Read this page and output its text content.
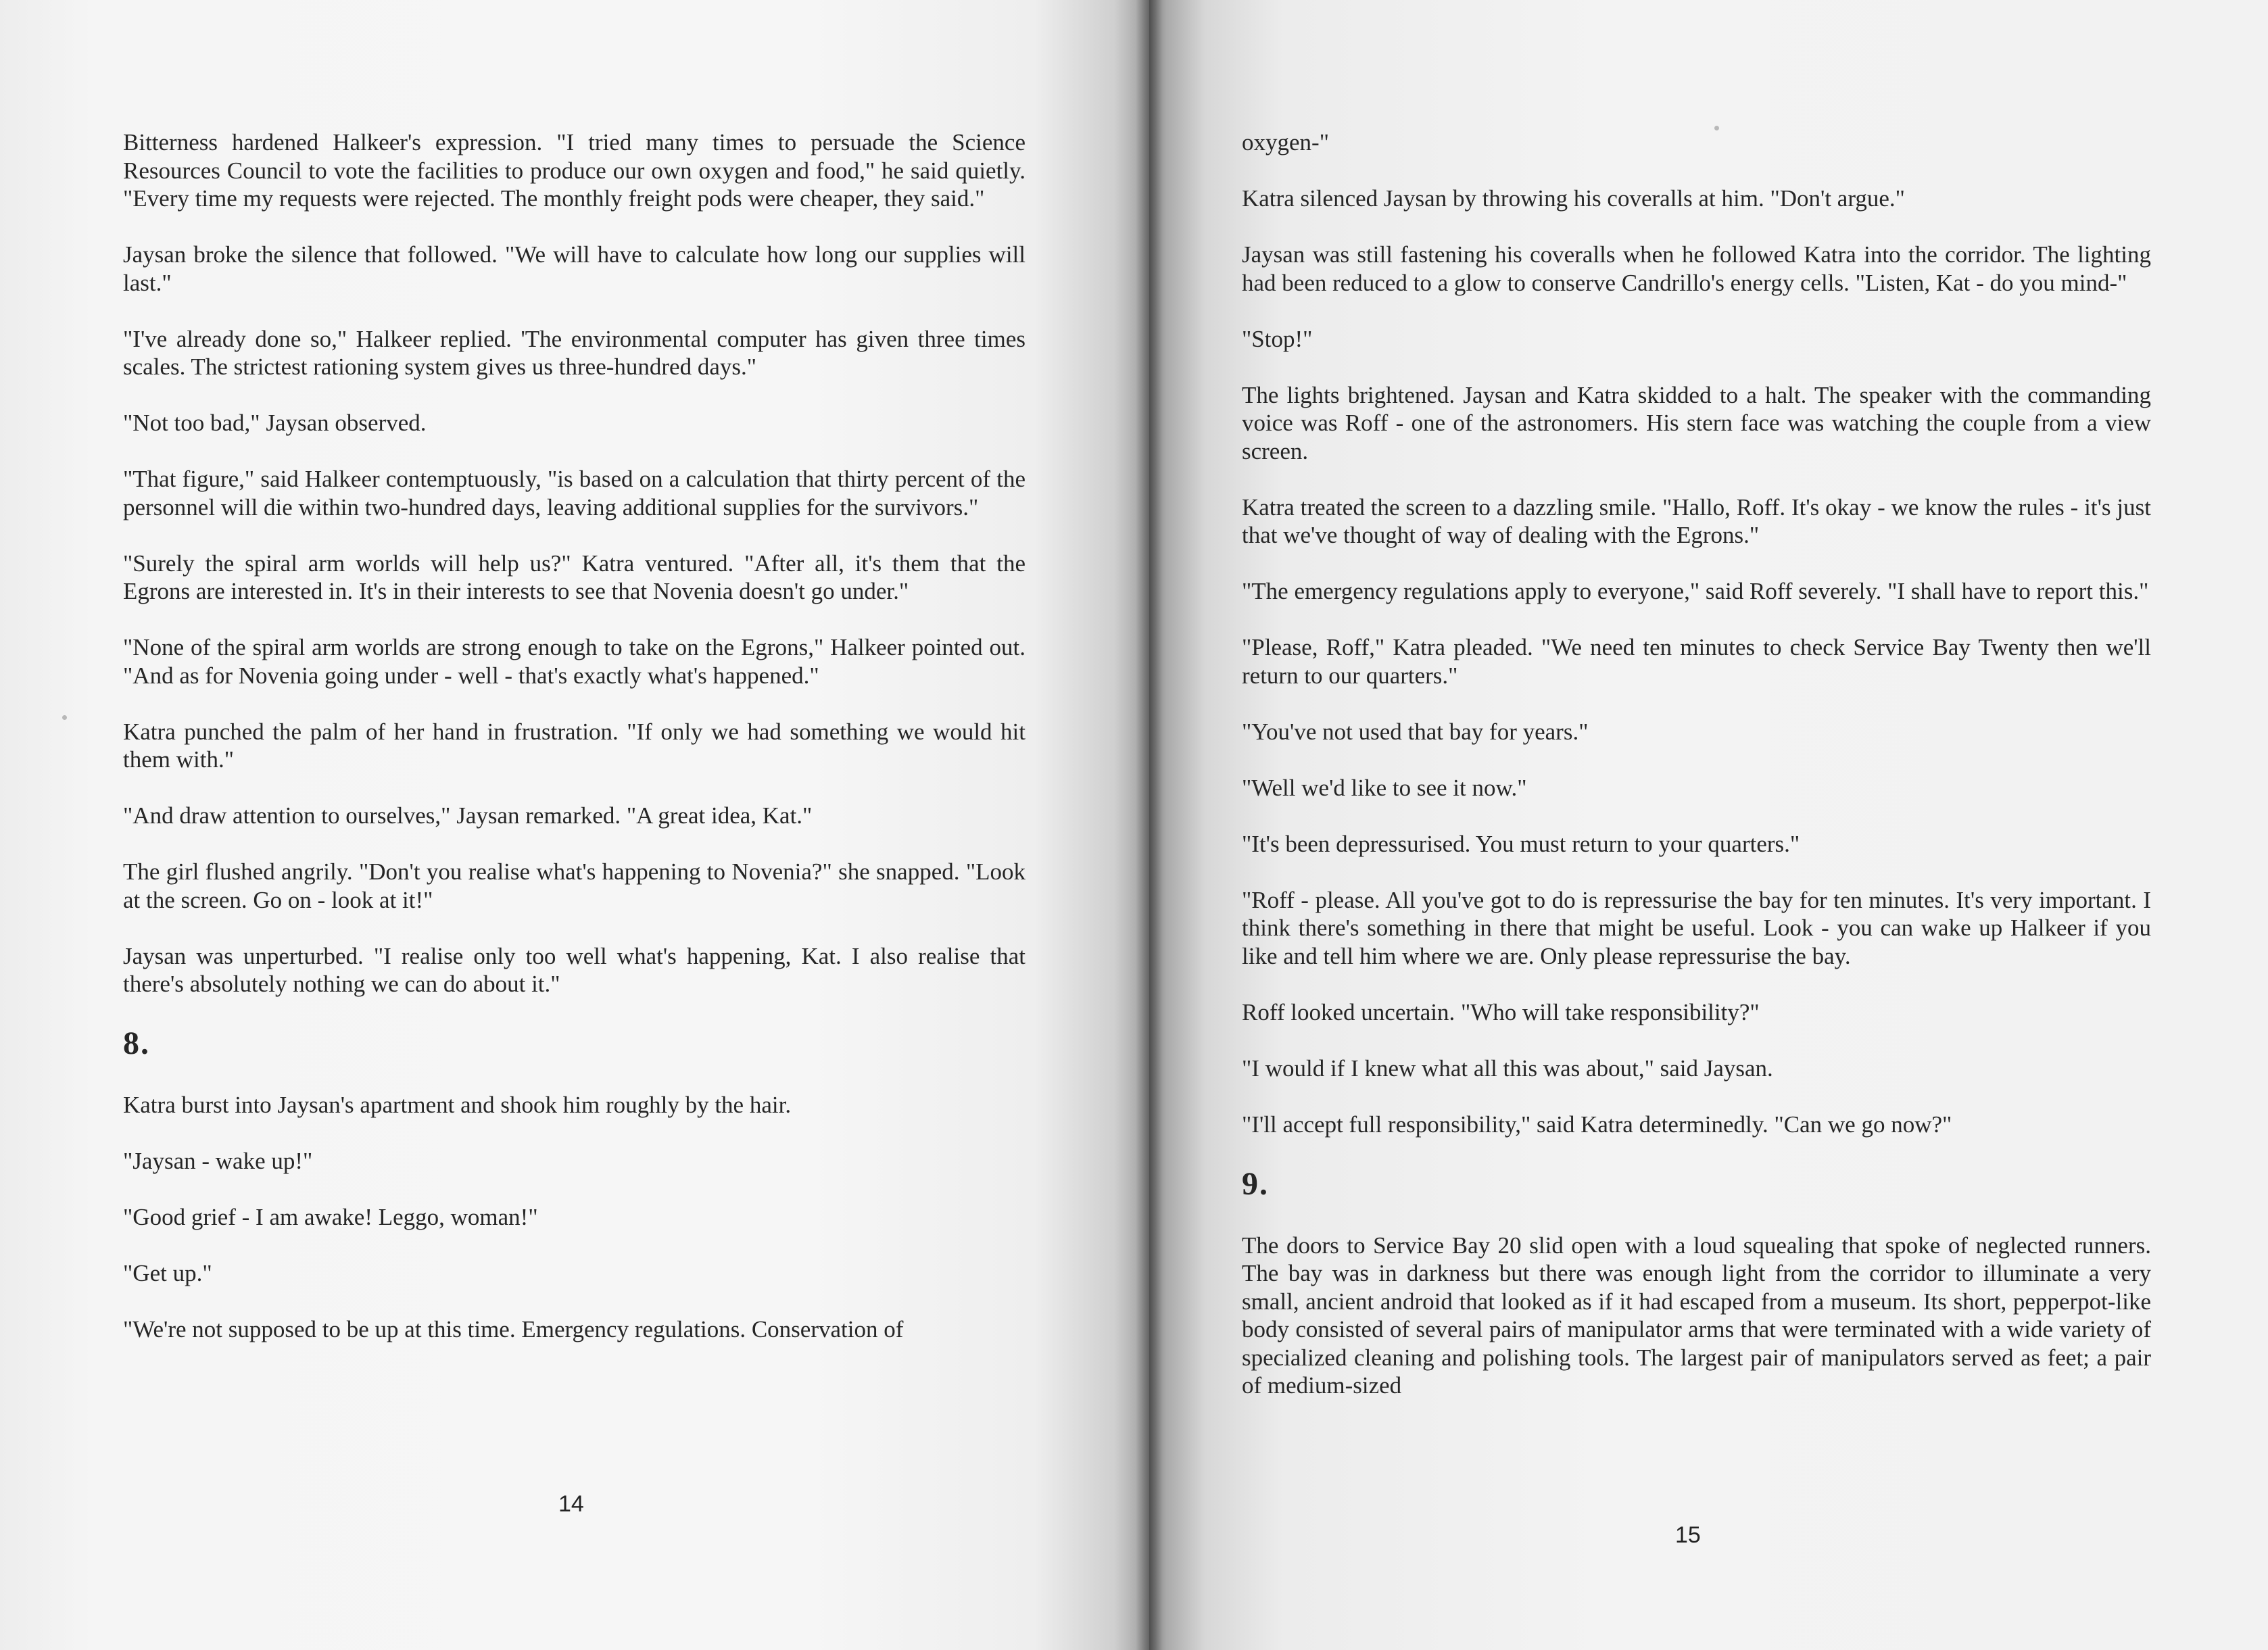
Bitterness hardened Halkeer's expression. "I tried many times to persuade the Science Resources Council to vote the facilities to produce our own oxygen and food," he said quietly. "Every time my requests were rejected. The monthly freight pods were cheaper, they said."

Jaysan broke the silence that followed. "We will have to calculate how long our supplies will last."

"I've already done so," Halkeer replied. 'The environmental computer has given three times scales. The strictest rationing system gives us three-hundred days."

"Not too bad," Jaysan observed.

"That figure," said Halkeer contemptuously, "is based on a calculation that thirty percent of the personnel will die within two-hundred days, leaving additional supplies for the survivors."

"Surely the spiral arm worlds will help us?" Katra ventured. "After all, it's them that the Egrons are interested in. It's in their interests to see that Novenia doesn't go under."

"None of the spiral arm worlds are strong enough to take on the Egrons," Halkeer pointed out. "And as for Novenia going under - well - that's exactly what's happened."

Katra punched the palm of her hand in frustration. "If only we had something we would hit them with."

"And draw attention to ourselves," Jaysan remarked. "A great idea, Kat."

The girl flushed angrily. "Don't you realise what's happening to Novenia?" she snapped. "Look at the screen. Go on - look at it!"

Jaysan was unperturbed. "I realise only too well what's happening, Kat. I also realise that there's absolutely nothing we can do about it."

8.

Katra burst into Jaysan's apartment and shook him roughly by the hair.

"Jaysan - wake up!"

"Good grief - I am awake! Leggo, woman!"

"Get up."

"We're not supposed to be up at this time. Emergency regulations. Conservation of

14

oxygen-"

Katra silenced Jaysan by throwing his coveralls at him. "Don't argue."

Jaysan was still fastening his coveralls when he followed Katra into the corridor. The lighting had been reduced to a glow to conserve Candrillo's energy cells. "Listen, Kat - do you mind-"

"Stop!"

The lights brightened. Jaysan and Katra skidded to a halt. The speaker with the commanding voice was Roff - one of the astronomers. His stern face was watching the couple from a view screen.

Katra treated the screen to a dazzling smile. "Hallo, Roff. It's okay - we know the rules - it's just that we've thought of way of dealing with the Egrons."

"The emergency regulations apply to everyone," said Roff severely. "I shall have to report this."

"Please, Roff," Katra pleaded. "We need ten minutes to check Service Bay Twenty then we'll return to our quarters."

"You've not used that bay for years."

"Well we'd like to see it now."

"It's been depressurised. You must return to your quarters."

"Roff - please. All you've got to do is repressurise the bay for ten minutes. It's very important. I think there's something in there that might be useful. Look - you can wake up Halkeer if you like and tell him where we are. Only please repressurise the bay.

Roff looked uncertain. "Who will take responsibility?"

"I would if I knew what all this was about," said Jaysan.

"I'll accept full responsibility," said Katra determinedly. "Can we go now?"

9.

The doors to Service Bay 20 slid open with a loud squealing that spoke of neglected runners. The bay was in darkness but there was enough light from the corridor to illuminate a very small, ancient android that looked as if it had escaped from a museum. Its short, pepperpot-like body consisted of several pairs of manipulator arms that were terminated with a wide variety of specialized cleaning and polishing tools. The largest pair of manipulators served as feet; a pair of medium-sized

15
